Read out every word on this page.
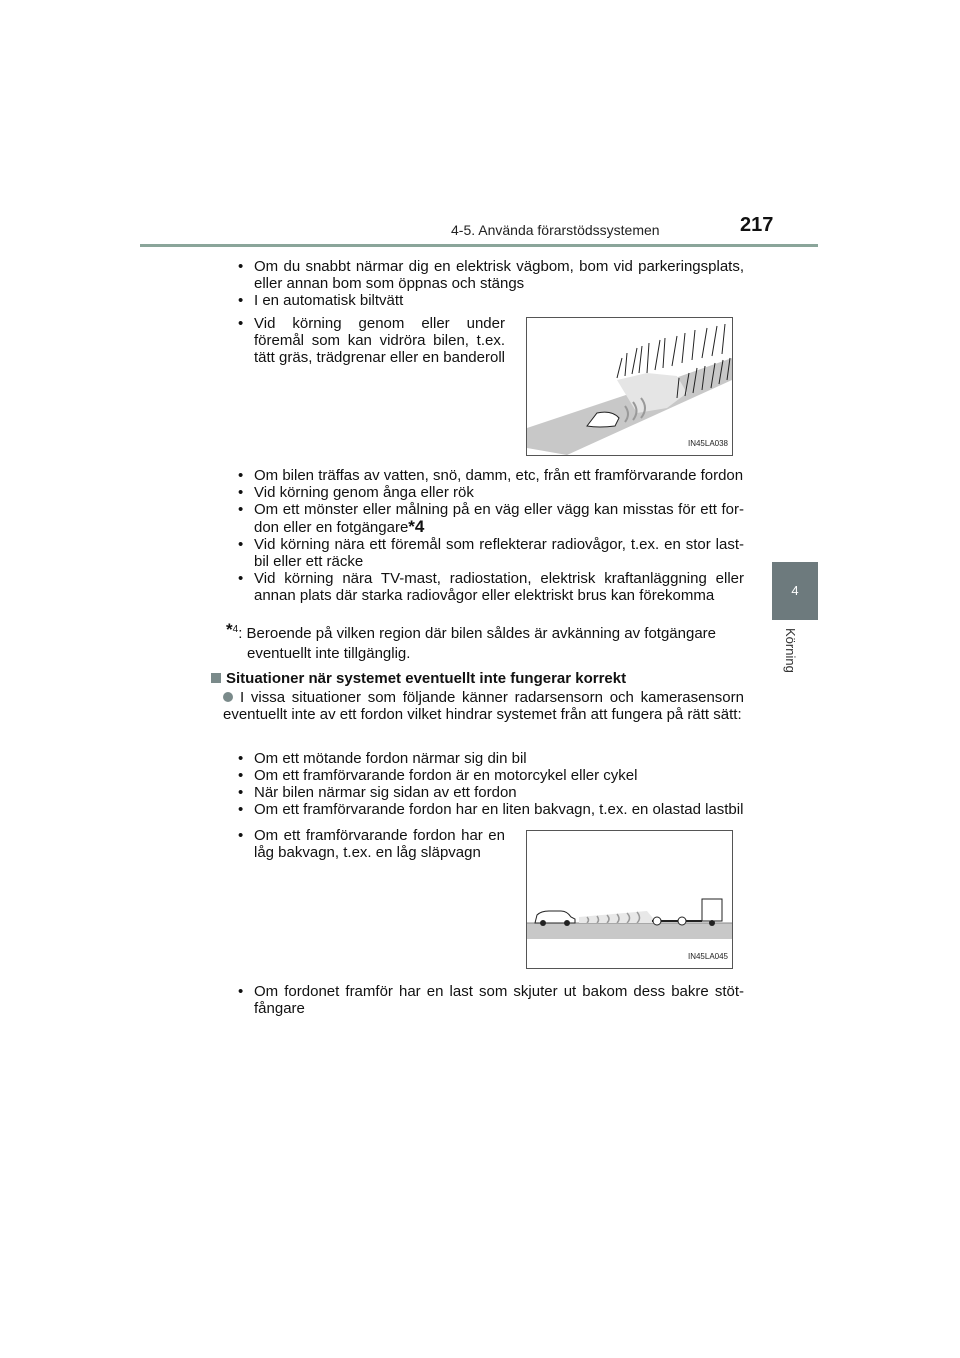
4-5. Använda förarstödssystemen	217
4
Körning
• Om du snabbt närmar dig en elektrisk vägbom, bom vid parkeringsplats, eller annan bom som öppnas och stängs
• I en automatisk biltvätt
• Vid körning genom eller under föremål som kan vidröra bilen, t.ex. tätt gräs, trädgrenar eller en banderoll
IN45LA038
• Om bilen träffas av vatten, snö, damm, etc, från ett framförvarande fordon
• Vid körning genom ånga eller rök
• Om ett mönster eller målning på en väg eller vägg kan misstas för ett for-don eller en fotgängare*4
• Vid körning nära ett föremål som reflekterar radiovågor, t.ex. en stor last-bil eller ett räcke
• Vid körning nära TV-mast, radiostation, elektrisk kraftanläggning eller annan plats där starka radiovågor eller elektriskt brus kan förekomma
*$^4$: Beroende på vilken region där bilen såldes är avkänning av fotgängare
eventuellt inte tillgänglig.
Situationer när systemet eventuellt inte fungerar korrekt
I vissa situationer som följande känner radarsensorn och kamerasensorn eventuellt inte av ett fordon vilket hindrar systemet från att fungera på rätt sätt:
• Om ett mötande fordon närmar sig din bil
• Om ett framförvarande fordon är en motorcykel eller cykel
• När bilen närmar sig sidan av ett fordon
• Om ett framförvarande fordon har en liten bakvagn, t.ex. en olastad lastbil
• Om ett framförvarande fordon har en låg bakvagn, t.ex. en låg släpvagn
IN45LA045
• Om fordonet framför har en last som skjuter ut bakom dess bakre stöt-fångare
